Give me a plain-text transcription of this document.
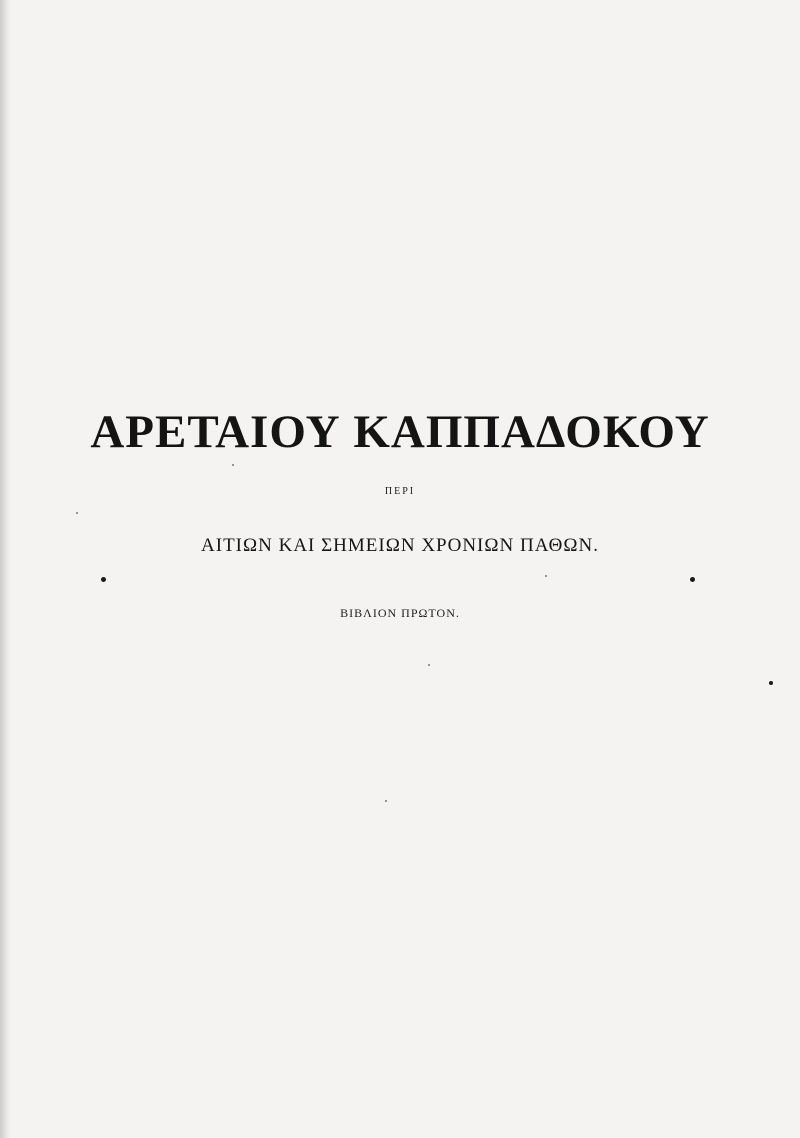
ΑΡΕΤΑΙΟΥ ΚΑΠΠΑΔΟΚΟΥ
ΠΕΡΙ
ΑΙΤΙΩΝ ΚΑΙ ΣΗΜΕΙΩΝ ΧΡΟΝΙΩΝ ΠΑΘΩΝ.
ΒΙΒΛΙΟΝ ΠΡΩΤΟΝ.
